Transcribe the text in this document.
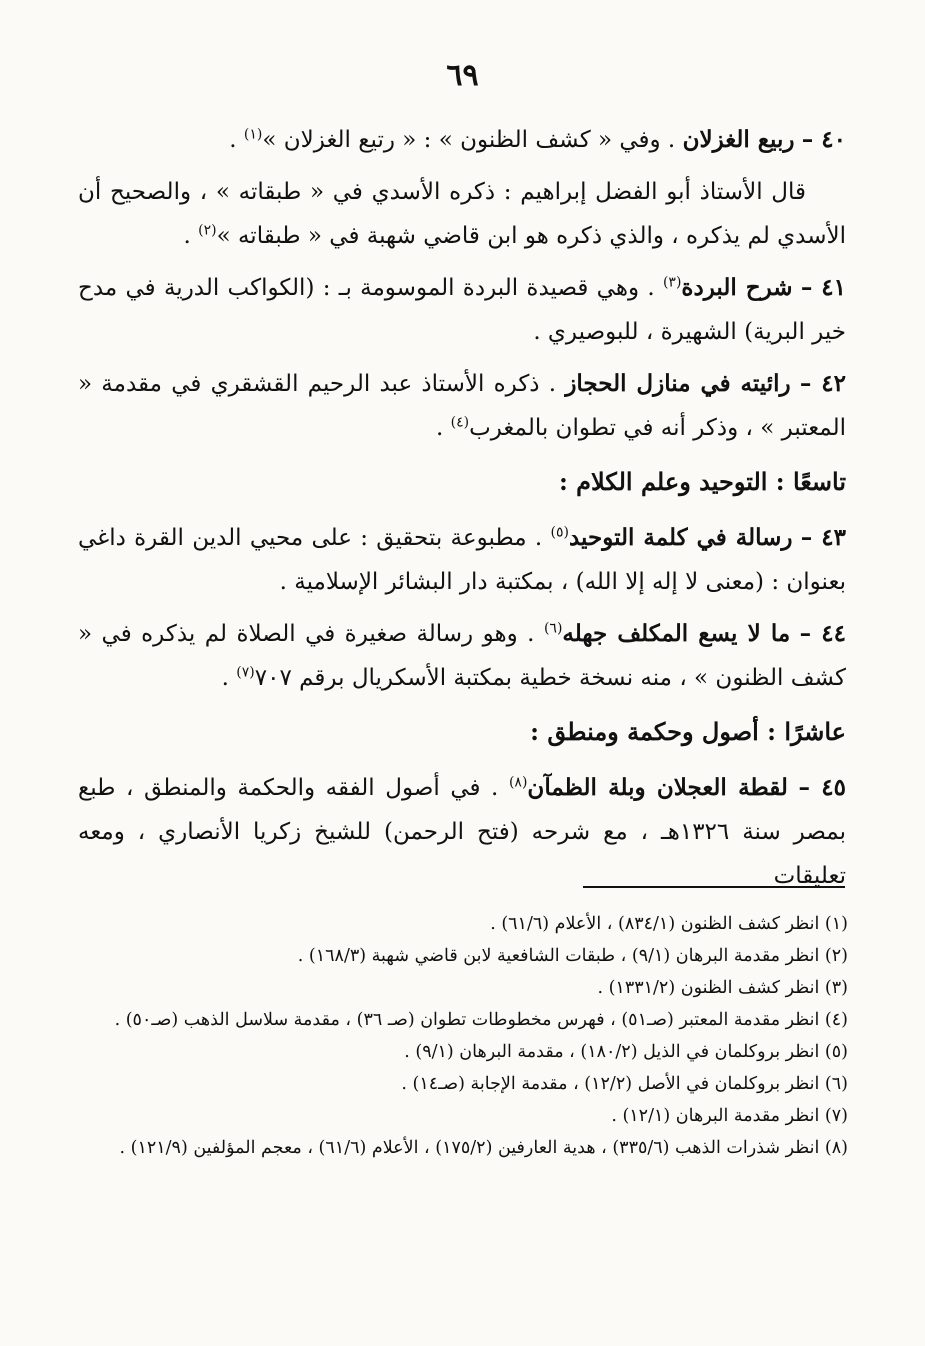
٦٩

٤٠ – ربيع الغزلان . وفي « كشف الظنون » : « رتيع الغزلان »$^{(١)}$ .

قال الأستاذ أبو الفضل إبراهيم : ذكره الأسدي في « طبقاته » ، والصحيح أن الأسدي لم يذكره ، والذي ذكره هو ابن قاضي شهبة في « طبقاته »$^{(٢)}$ .

٤١ – شرح البردة$^{(٣)}$ . وهي قصيدة البردة الموسومة بـ : (الكواكب الدرية في مدح خير البرية) الشهيرة ، للبوصيري .

٤٢ – رائيته في منازل الحجاز . ذكره الأستاذ عبد الرحيم القشقري في مقدمة « المعتبر » ، وذكر أنه في تطوان بالمغرب$^{(٤)}$ .

تاسعًا : التوحيد وعلم الكلام :

٤٣ – رسالة في كلمة التوحيد$^{(٥)}$ . مطبوعة بتحقيق : على محيي الدين القرة داغي بعنوان : (معنى لا إله إلا الله) ، بمكتبة دار البشائر الإسلامية .

٤٤ – ما لا يسع المكلف جهله$^{(٦)}$ . وهو رسالة صغيرة في الصلاة لم يذكره في « كشف الظنون » ، منه نسخة خطية بمكتبة الأسكريال برقم ٧٠٧$^{(٧)}$ .

عاشرًا : أصول وحكمة ومنطق :

٤٥ – لقطة العجلان وبلة الظمآن$^{(٨)}$ . في أصول الفقه والحكمة والمنطق ، طبع بمصر سنة ١٣٢٦هـ ، مع شرحه (فتح الرحمن) للشيخ زكريا الأنصاري ، ومعه تعليقات

(١) انظر كشف الظنون (٨٣٤/١) ، الأعلام (٦١/٦) .

(٢) انظر مقدمة البرهان (٩/١) ، طبقات الشافعية لابن قاضي شهبة (١٦٨/٣) .

(٣) انظر كشف الظنون (١٣٣١/٢) .

(٤) انظر مقدمة المعتبر (صـ٥١) ، فهرس مخطوطات تطوان (صـ ٣٦) ، مقدمة سلاسل الذهب (صـ٥٠) .

(٥) انظر بروكلمان في الذيل (١٨٠/٢) ، مقدمة البرهان (٩/١) .

(٦) انظر بروكلمان في الأصل (١٢/٢) ، مقدمة الإجابة (صـ١٤) .

(٧) انظر مقدمة البرهان (١٢/١) .

(٨) انظر شذرات الذهب (٣٣٥/٦) ، هدية العارفين (١٧٥/٢) ، الأعلام (٦١/٦) ، معجم المؤلفين (١٢١/٩) .
